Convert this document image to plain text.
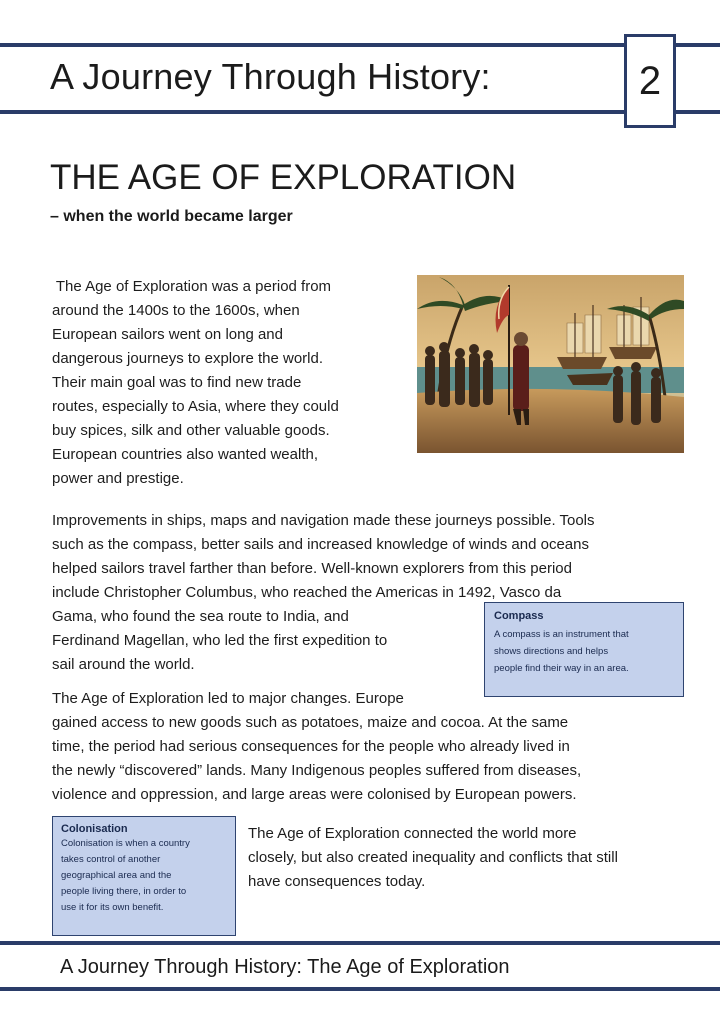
A Journey Through History:	2
THE AGE OF EXPLORATION

– when the world became larger

The Age of Exploration was a period from
around the 1400s to the 1600s, when
European sailors went on long and
dangerous journeys to explore the world.
Their main goal was to find new trade
routes, especially to Asia, where they could
buy spices, silk and other valuable goods.
European countries also wanted wealth,
power and prestige.
Improvements in ships, maps and navigation made these journeys possible. Tools
such as the compass, better sails and increased knowledge of winds and oceans
helped sailors travel farther than before. Well-known explorers from this period
include Christopher Columbus, who reached the Americas in 1492, Vasco da
Gama, who found the sea route to India, and
Ferdinand Magellan, who led the first expedition to
sail around the world.

Compass

A compass is an instrument that

shows directions and helps

people find their way in an area.

The Age of Exploration led to major changes. Europe
gained access to new goods such as potatoes, maize and cocoa. At the same
time, the period had serious consequences for the people who already lived in
the newly “discovered” lands. Many Indigenous peoples suffered from diseases,
violence and oppression, and large areas were colonised by European powers.

Colonisation

Colonisation is when a country

takes control of another

geographical area and the

people living there, in order to

use it for its own benefit.

The Age of Exploration connected the world more
closely, but also created inequality and conflicts that still
have consequences today.

A Journey Through History: The Age of Exploration
